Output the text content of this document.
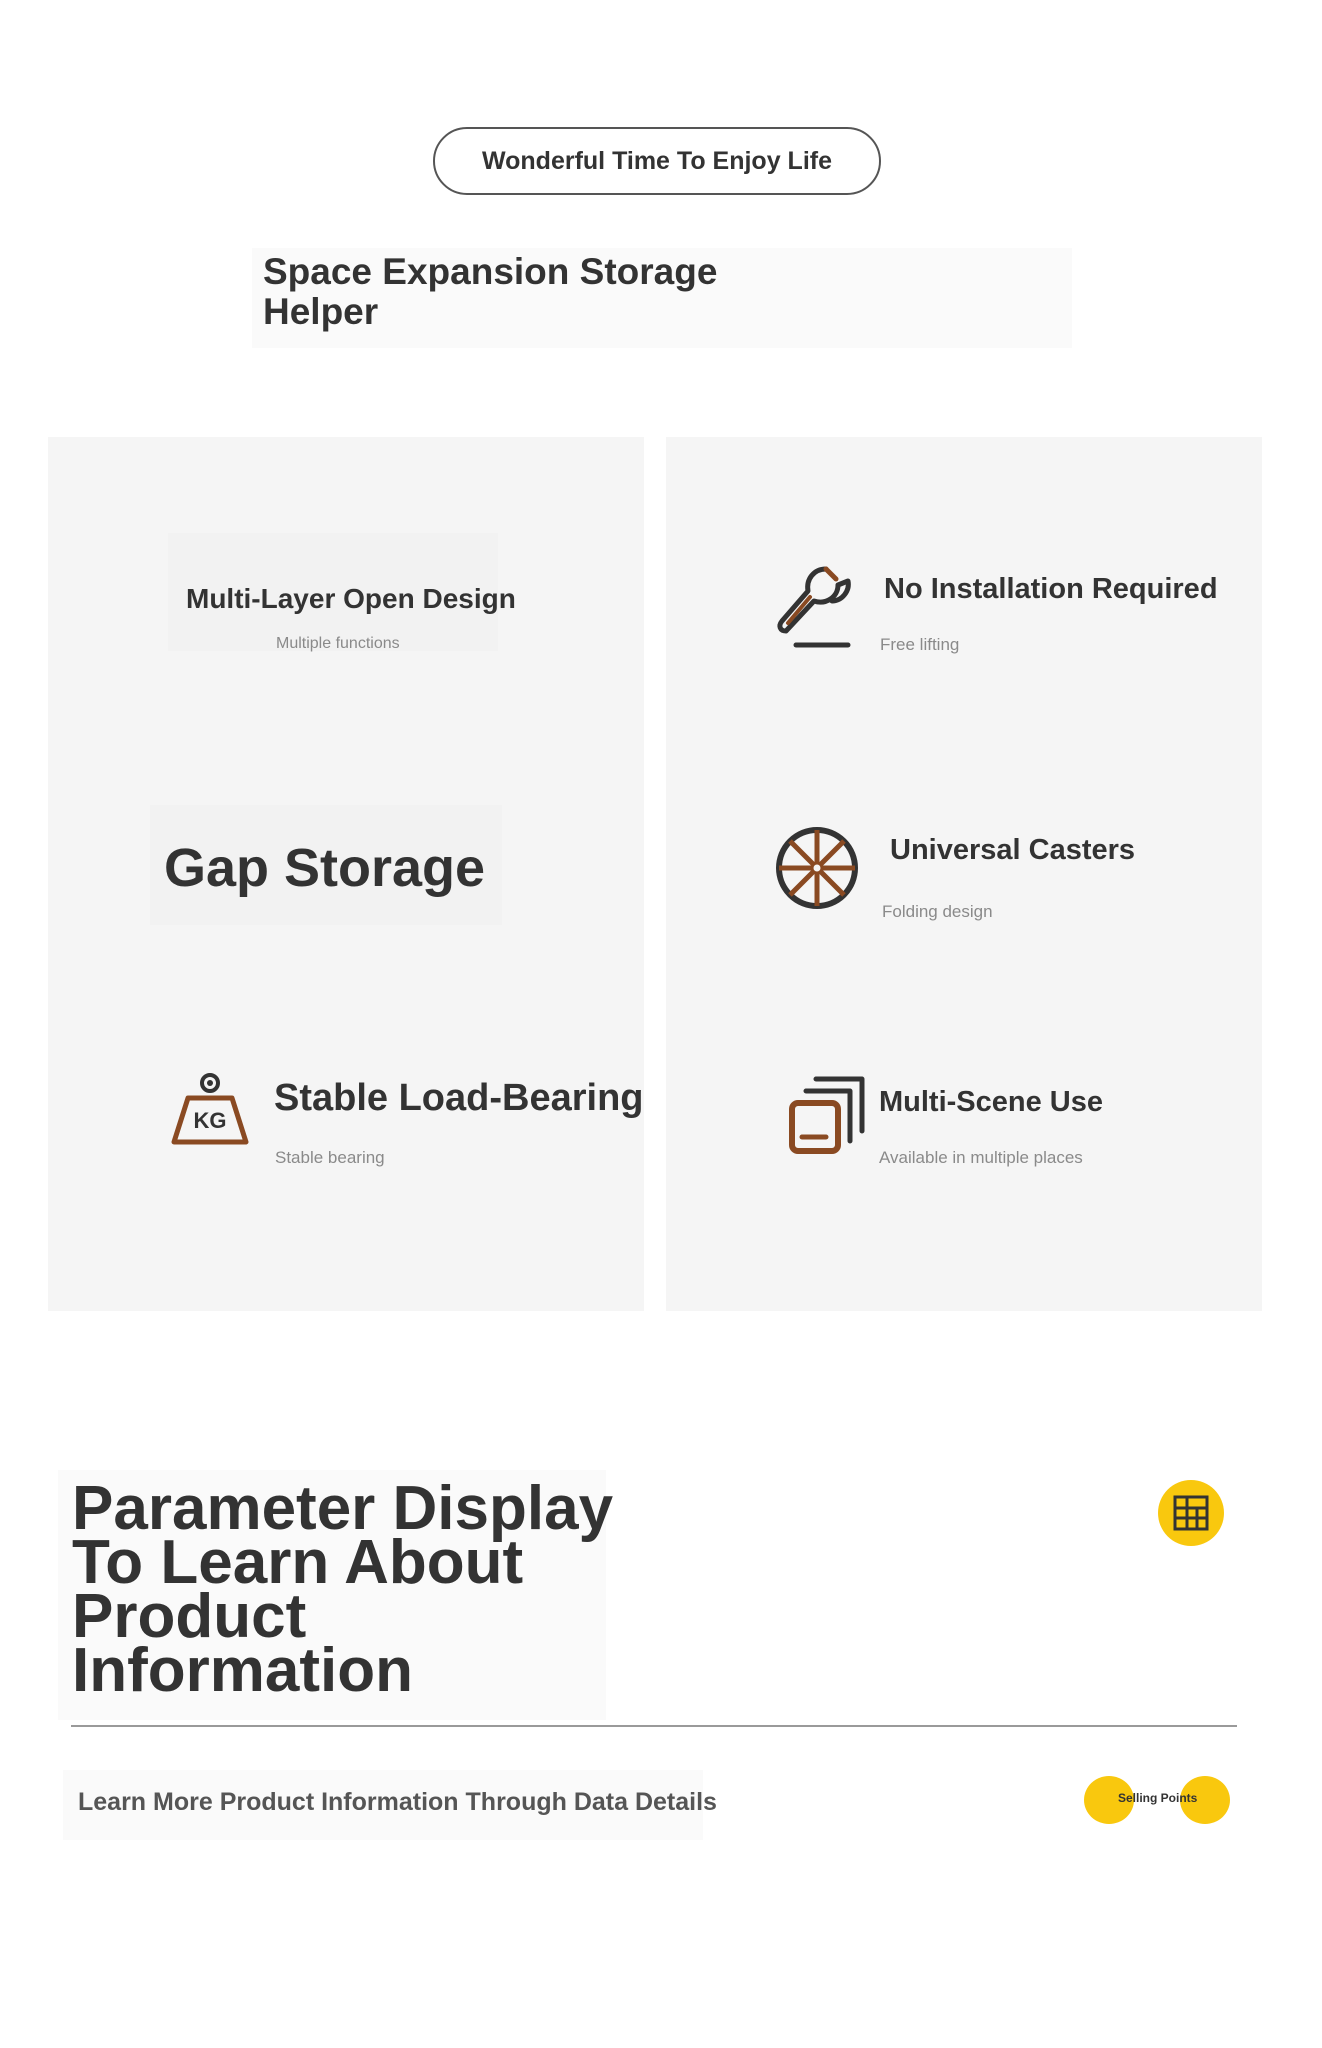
Wonderful Time To Enjoy Life
Space Expansion Storage Helper
Multi-Layer Open Design
Multiple functions
Gap Storage
KG
Stable Load-Bearing
Stable bearing
No Installation Required
Free lifting
Universal Casters
Folding design
Multi-Scene Use
Available in multiple places
Parameter Display To Learn About Product Information
Learn More Product Information Through Data Details	Selling Points
